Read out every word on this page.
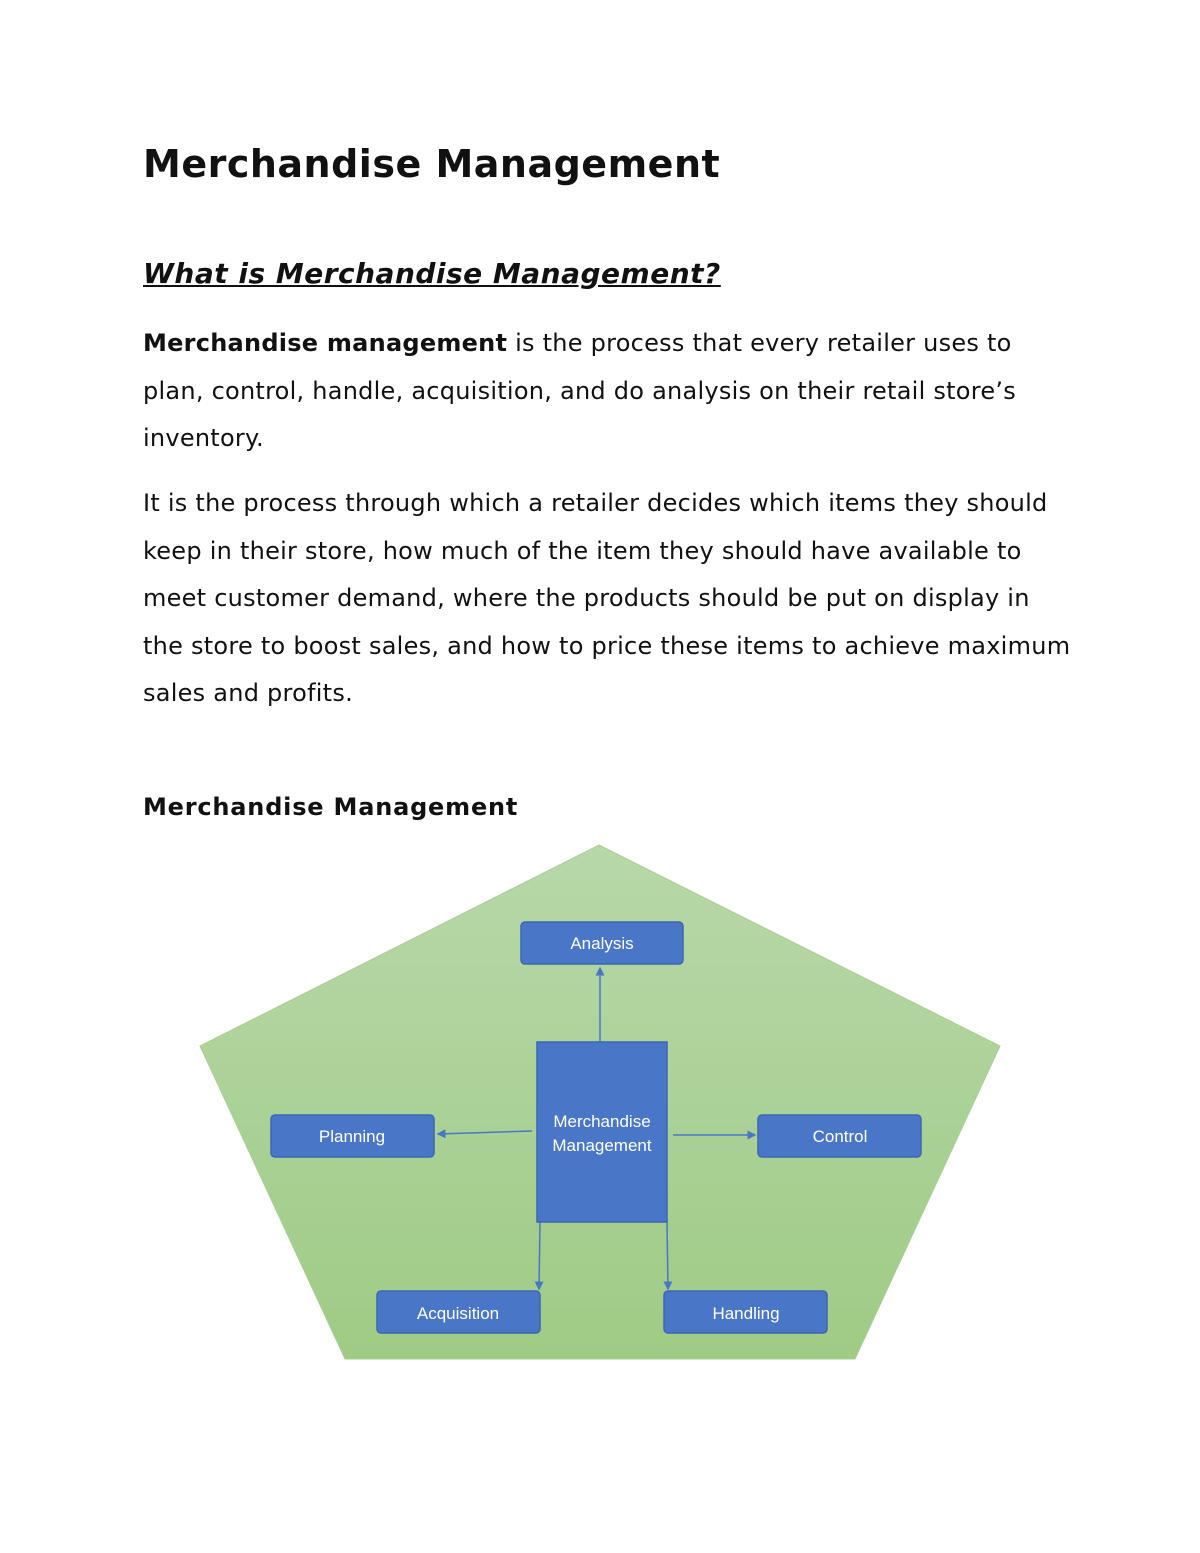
Merchandise Management
What is Merchandise Management?

Merchandise management is the process that every retailer uses to plan, control, handle, acquisition, and do analysis on their retail store’s inventory.

It is the process through which a retailer decides which items they should keep in their store, how much of the item they should have available to meet customer demand, where the products should be put on display in the store to boost sales, and how to price these items to achieve maximum sales and profits.

Merchandise Management
Merchandise
Management
Analysis
Planning	Control
Acquisition	Handling
